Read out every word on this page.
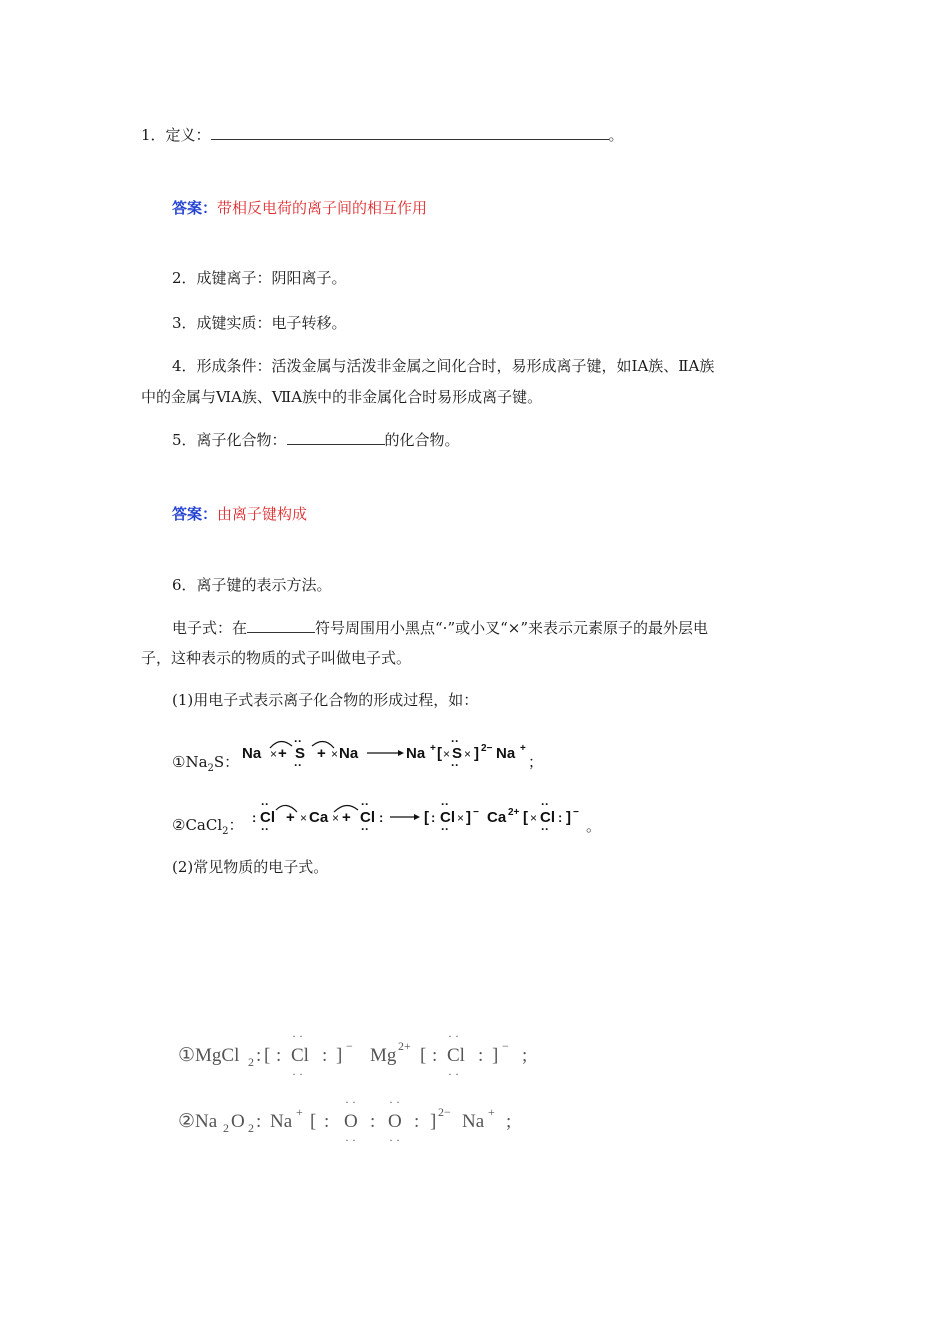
1．定义：	。
答案：带相反电荷的离子间的相互作用
2．成键离子：阴阳离子。
3．成键实质：电子转移。
4．形成条件：活泼金属与活泼非金属之间化合时，易形成离子键，如ⅠA族、ⅡA族
中的金属与ⅥA族、ⅦA族中的非金属化合时易形成离子键。
5．离子化合物：	的化合物。
答案：由离子键构成
6．离子键的表示方法。
电子式：在	符号周围用小黑点“·”或小叉“×”来表示元素原子的最外层电
子，这种表示的物质的式子叫做电子式。
(1)用电子式表示离子化合物的形成过程，如：
$①Na_2S$： Na × + S
··
··
+ × Na	Na + [ × S
··
··
× ] 2− Na +
；
②CaCl$_2$： : Cl
··
··
+ × Ca × + Cl
··
··
:	[ : Cl
··
··
× ] − Ca 2+ [ × Cl
··
··
: ] −
。
(2)常见物质的电子式。
①MgCl 2 : [ : Cl
· ·
· ·
: ] − Mg 2+ [ : Cl
· ·
· ·
: ] − ;
②Na 2 O 2 : Na + [ : O
· ·
· ·
: O
· ·
· ·
: ] 2− Na + ;
